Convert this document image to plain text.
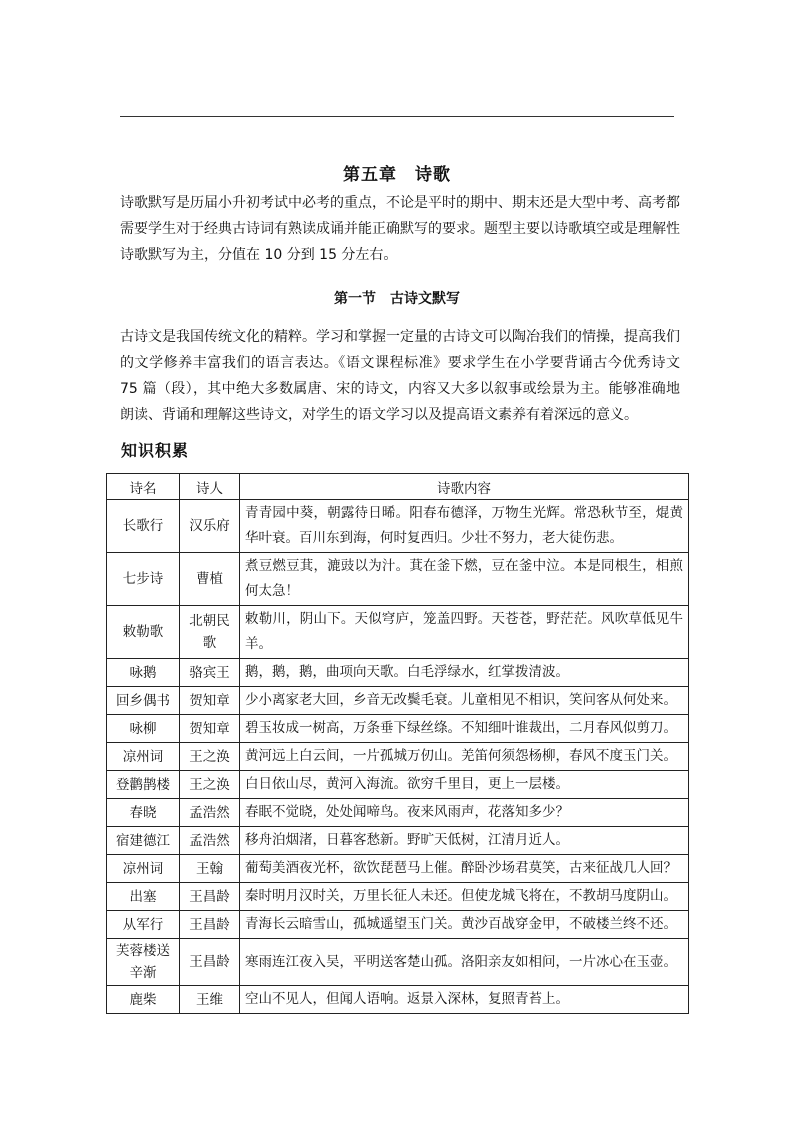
第五章　诗歌

诗歌默写是历届小升初考试中必考的重点，不论是平时的期中、期末还是大型中考、高考都需要学生对于经典古诗词有熟读成诵并能正确默写的要求。题型主要以诗歌填空或是理解性诗歌默写为主，分值在 10 分到 15 分左右。

第一节　古诗文默写

古诗文是我国传统文化的精粹。学习和掌握一定量的古诗文可以陶冶我们的情操，提高我们的文学修养丰富我们的语言表达。《语文课程标准》要求学生在小学要背诵古今优秀诗文 75 篇（段），其中绝大多数属唐、宋的诗文，内容又大多以叙事或绘景为主。能够准确地朗读、背诵和理解这些诗文，对学生的语文学习以及提高语文素养有着深远的意义。

知识积累
诗名	诗人	诗歌内容
长歌行	汉乐府	青青园中葵，朝露待日晞。阳春布德泽，万物生光辉。常恐秋节至，焜黄华叶衰。百川东到海，何时复西归。少壮不努力，老大徒伤悲。
七步诗	曹植	煮豆燃豆萁，漉豉以为汁。萁在釜下燃，豆在釜中泣。本是同根生，相煎何太急！
敕勒歌	北朝民歌	敕勒川，阴山下。天似穹庐，笼盖四野。天苍苍，野茫茫。风吹草低见牛羊。
咏鹅	骆宾王	鹅，鹅，鹅，曲项向天歌。白毛浮绿水，红掌拨清波。
回乡偶书	贺知章	少小离家老大回，乡音无改鬓毛衰。儿童相见不相识，笑问客从何处来。
咏柳	贺知章	碧玉妆成一树高，万条垂下绿丝绦。不知细叶谁裁出，二月春风似剪刀。
凉州词	王之涣	黄河远上白云间，一片孤城万仞山。羌笛何须怨杨柳，春风不度玉门关。
登鹳鹊楼	王之涣	白日依山尽，黄河入海流。欲穷千里目，更上一层楼。
春晓	孟浩然	春眠不觉晓，处处闻啼鸟。夜来风雨声，花落知多少？
宿建德江	孟浩然	移舟泊烟渚，日暮客愁新。野旷天低树，江清月近人。
凉州词	王翰	葡萄美酒夜光杯，欲饮琵琶马上催。醉卧沙场君莫笑，古来征战几人回？
出塞	王昌龄	秦时明月汉时关，万里长征人未还。但使龙城飞将在，不教胡马度阴山。
从军行	王昌龄	青海长云暗雪山，孤城遥望玉门关。黄沙百战穿金甲，不破楼兰终不还。
芙蓉楼送辛渐	王昌龄	寒雨连江夜入吴，平明送客楚山孤。洛阳亲友如相问，一片冰心在玉壶。
鹿柴	王维	空山不见人，但闻人语响。返景入深林，复照青苔上。
